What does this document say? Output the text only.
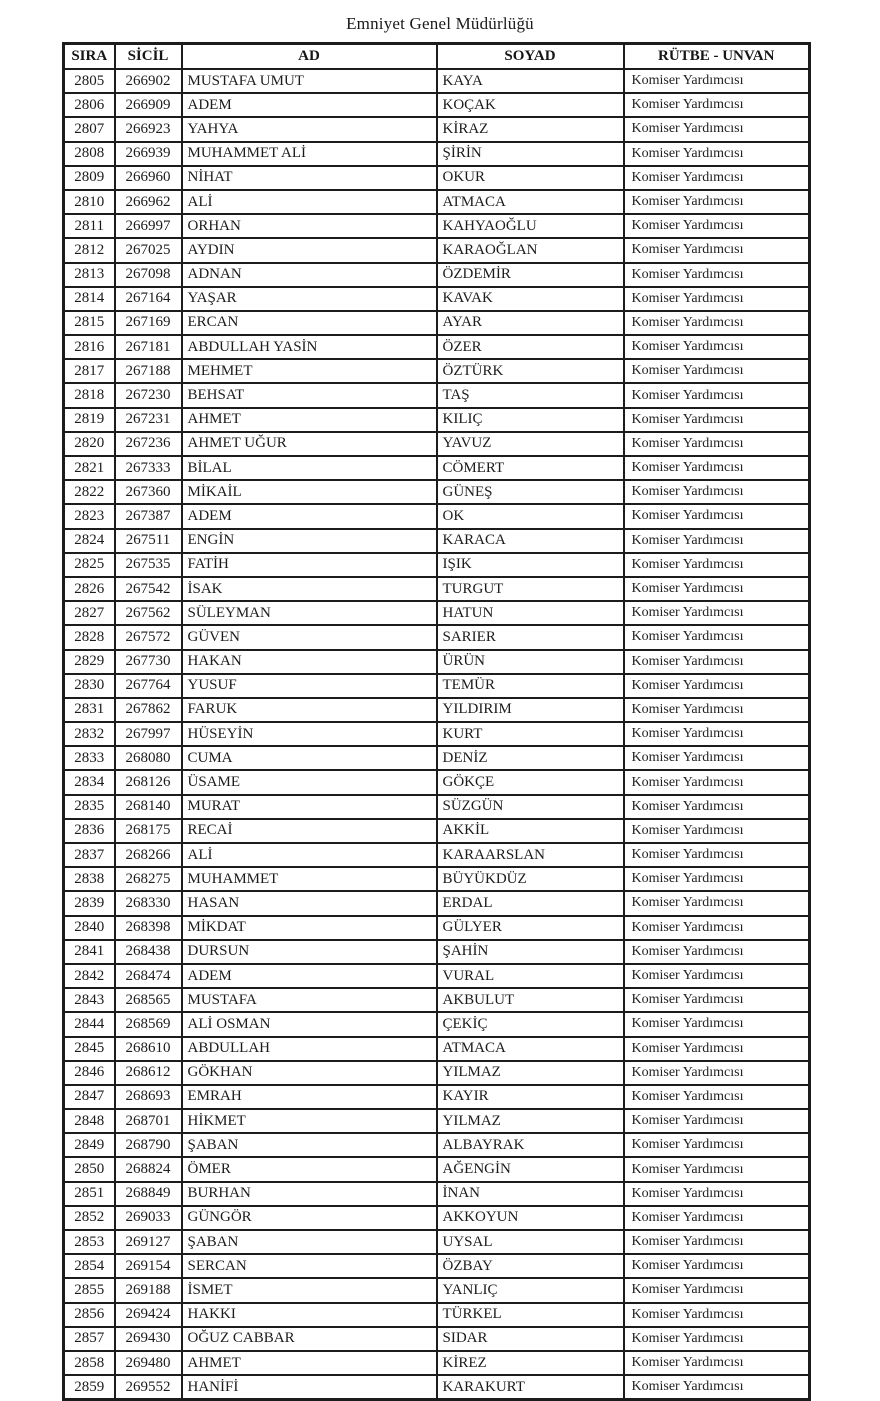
Emniyet Genel Müdürlüğü
SIRA	SİCİL	AD	SOYAD	RÜTBE - UNVAN
2805	266902	MUSTAFA UMUT	KAYA	Komiser Yardımcısı
2806	266909	ADEM	KOÇAK	Komiser Yardımcısı
2807	266923	YAHYA	KİRAZ	Komiser Yardımcısı
2808	266939	MUHAMMET ALİ	ŞİRİN	Komiser Yardımcısı
2809	266960	NİHAT	OKUR	Komiser Yardımcısı
2810	266962	ALİ	ATMACA	Komiser Yardımcısı
2811	266997	ORHAN	KAHYAOĞLU	Komiser Yardımcısı
2812	267025	AYDIN	KARAOĞLAN	Komiser Yardımcısı
2813	267098	ADNAN	ÖZDEMİR	Komiser Yardımcısı
2814	267164	YAŞAR	KAVAK	Komiser Yardımcısı
2815	267169	ERCAN	AYAR	Komiser Yardımcısı
2816	267181	ABDULLAH YASİN	ÖZER	Komiser Yardımcısı
2817	267188	MEHMET	ÖZTÜRK	Komiser Yardımcısı
2818	267230	BEHSAT	TAŞ	Komiser Yardımcısı
2819	267231	AHMET	KILIÇ	Komiser Yardımcısı
2820	267236	AHMET UĞUR	YAVUZ	Komiser Yardımcısı
2821	267333	BİLAL	CÖMERT	Komiser Yardımcısı
2822	267360	MİKAİL	GÜNEŞ	Komiser Yardımcısı
2823	267387	ADEM	OK	Komiser Yardımcısı
2824	267511	ENGİN	KARACA	Komiser Yardımcısı
2825	267535	FATİH	IŞIK	Komiser Yardımcısı
2826	267542	İSAK	TURGUT	Komiser Yardımcısı
2827	267562	SÜLEYMAN	HATUN	Komiser Yardımcısı
2828	267572	GÜVEN	SARIER	Komiser Yardımcısı
2829	267730	HAKAN	ÜRÜN	Komiser Yardımcısı
2830	267764	YUSUF	TEMÜR	Komiser Yardımcısı
2831	267862	FARUK	YILDIRIM	Komiser Yardımcısı
2832	267997	HÜSEYİN	KURT	Komiser Yardımcısı
2833	268080	CUMA	DENİZ	Komiser Yardımcısı
2834	268126	ÜSAME	GÖKÇE	Komiser Yardımcısı
2835	268140	MURAT	SÜZGÜN	Komiser Yardımcısı
2836	268175	RECAİ	AKKİL	Komiser Yardımcısı
2837	268266	ALİ	KARAARSLAN	Komiser Yardımcısı
2838	268275	MUHAMMET	BÜYÜKDÜZ	Komiser Yardımcısı
2839	268330	HASAN	ERDAL	Komiser Yardımcısı
2840	268398	MİKDAT	GÜLYER	Komiser Yardımcısı
2841	268438	DURSUN	ŞAHİN	Komiser Yardımcısı
2842	268474	ADEM	VURAL	Komiser Yardımcısı
2843	268565	MUSTAFA	AKBULUT	Komiser Yardımcısı
2844	268569	ALİ OSMAN	ÇEKİÇ	Komiser Yardımcısı
2845	268610	ABDULLAH	ATMACA	Komiser Yardımcısı
2846	268612	GÖKHAN	YILMAZ	Komiser Yardımcısı
2847	268693	EMRAH	KAYIR	Komiser Yardımcısı
2848	268701	HİKMET	YILMAZ	Komiser Yardımcısı
2849	268790	ŞABAN	ALBAYRAK	Komiser Yardımcısı
2850	268824	ÖMER	AĞENGİN	Komiser Yardımcısı
2851	268849	BURHAN	İNAN	Komiser Yardımcısı
2852	269033	GÜNGÖR	AKKOYUN	Komiser Yardımcısı
2853	269127	ŞABAN	UYSAL	Komiser Yardımcısı
2854	269154	SERCAN	ÖZBAY	Komiser Yardımcısı
2855	269188	İSMET	YANLIÇ	Komiser Yardımcısı
2856	269424	HAKKI	TÜRKEL	Komiser Yardımcısı
2857	269430	OĞUZ CABBAR	SIDAR	Komiser Yardımcısı
2858	269480	AHMET	KİREZ	Komiser Yardımcısı
2859	269552	HANİFİ	KARAKURT	Komiser Yardımcısı
